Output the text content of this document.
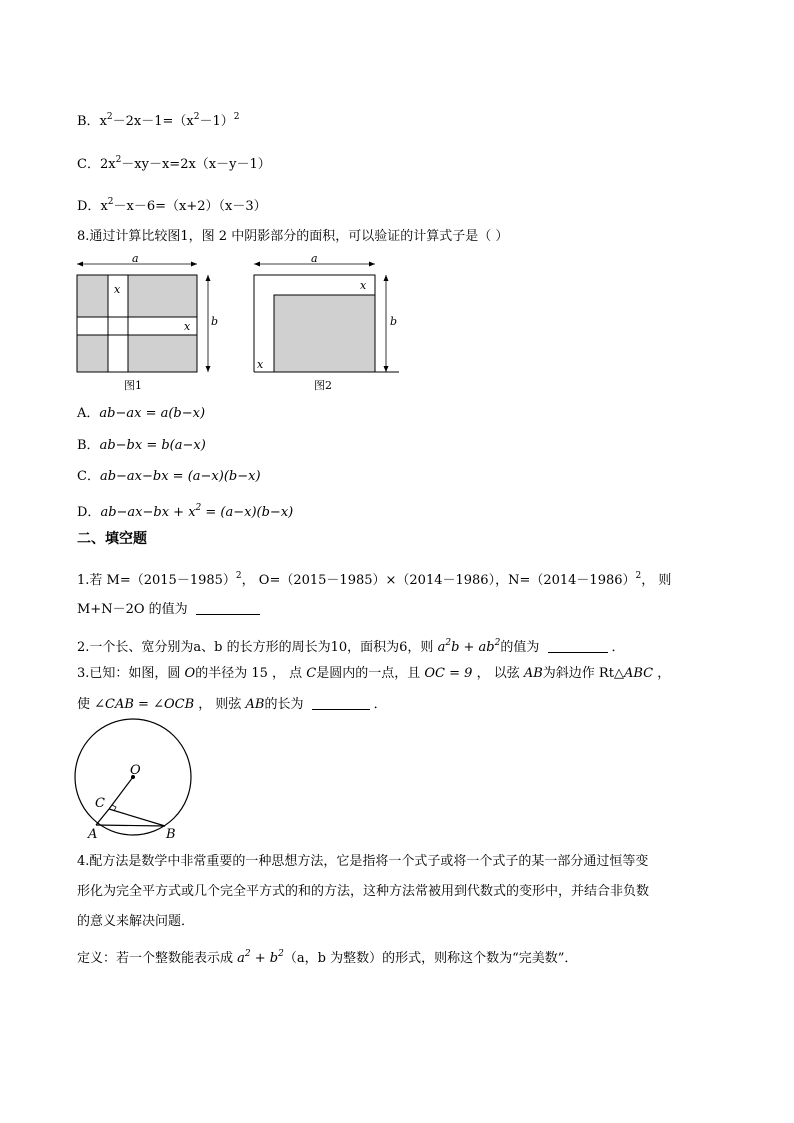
B．$x^2-2x-1=(x^2-1)^2$
C．$2x^2-xy-x=2x(x-y-1)$
D．$x^2-x-6=(x+2)(x-3)$
8.通过计算比较图1，图 2 中阴影部分的面积，可以验证的计算式子是（ ）
a
x
x b
图1
a
x
x
b
图2
A．ab−ax = a(b−x)
B．ab−bx = b(a−x)
C．ab−ax−bx = (a−x)(b−x)
D．$ab-ax-bx + x^2 = (a-x)(b-x)$
二、填空题
1.若 $M=(2015-1985)^2$， O=（2015－1985）×（2014－1986），$N=(2014-1986)^2$， 则
M+N－2O 的值为
2.一个长、宽分别为a、b 的长方形的周长为10，面积为6，则 $a^2b + ab^2$的值为	．
3.已知：如图，圆 O的半径为 15 ， 点 C是圆内的一点，且 OC = 9 ， 以弦 AB为斜边作 Rt△ABC ，
使 ∠CAB = ∠OCB ， 则弦 AB的长为	．
O
C
A	B
4.配方法是数学中非常重要的一种思想方法，它是指将一个式子或将一个式子的某一部分通过恒等变
形化为完全平方式或几个完全平方式的和的方法，这种方法常被用到代数式的变形中，并结合非负数
的意义来解决问题．
定义：若一个整数能表示成 $a^2 + b^2(a$，b 为整数）的形式，则称这个数为“完美数”．
